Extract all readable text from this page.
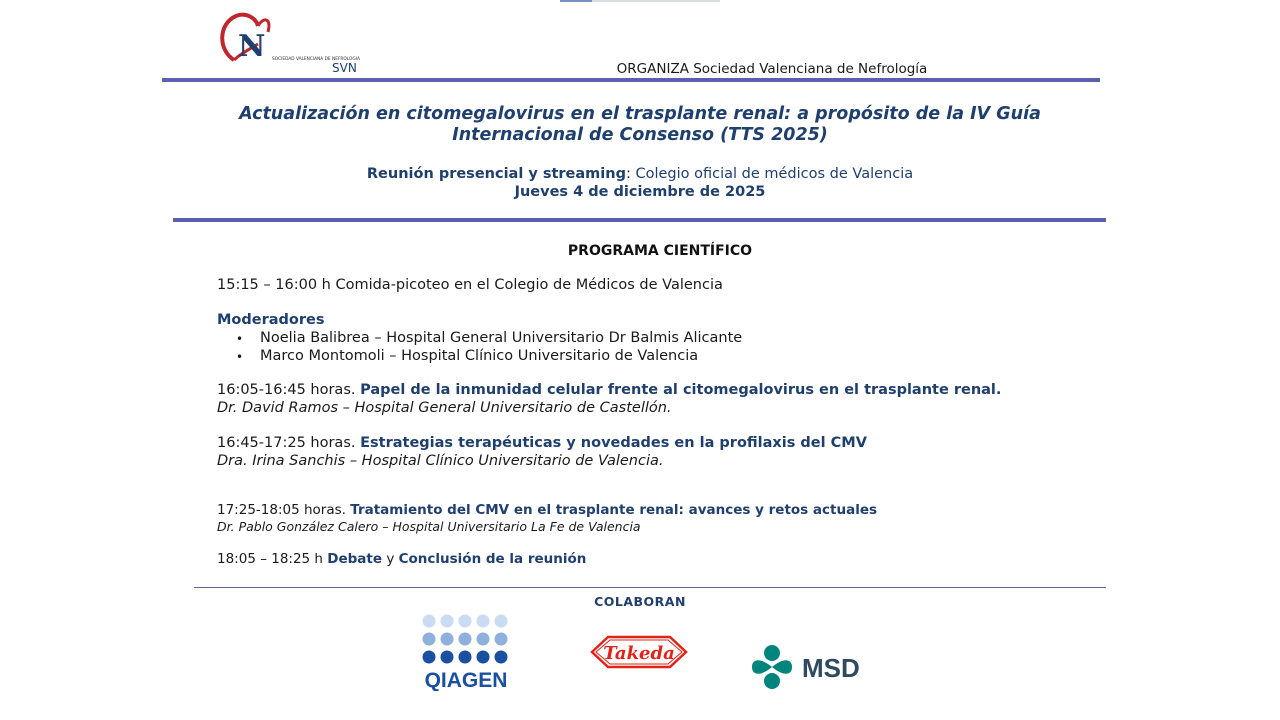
N SOCIEDAD VALENCIANA DE NEFROLOGIA
SVN	ORGANIZA Sociedad Valenciana de Nefrología
Actualización en citomegalovirus en el trasplante renal: a propósito de la IV Guía
Internacional de Consenso (TTS 2025)
Reunión presencial y streaming: Colegio oficial de médicos de Valencia
Jueves 4 de diciembre de 2025
PROGRAMA CIENTÍFICO
15:15 – 16:00 h Comida-picoteo en el Colegio de Médicos de Valencia
Moderadores
• Noelia Balibrea – Hospital General Universitario Dr Balmis Alicante
• Marco Montomoli – Hospital Clínico Universitario de Valencia
16:05-16:45 horas. Papel de la inmunidad celular frente al citomegalovirus en el trasplante renal.
Dr. David Ramos – Hospital General Universitario de Castellón.
16:45-17:25 horas. Estrategias terapéuticas y novedades en la profilaxis del CMV
Dra. Irina Sanchis – Hospital Clínico Universitario de Valencia.
17:25-18:05 horas. Tratamiento del CMV en el trasplante renal: avances y retos actuales
Dr. Pablo González Calero – Hospital Universitario La Fe de Valencia
18:05 – 18:25 h Debate y Conclusión de la reunión
COLABORAN
QIAGEN
Takeda	MSD
